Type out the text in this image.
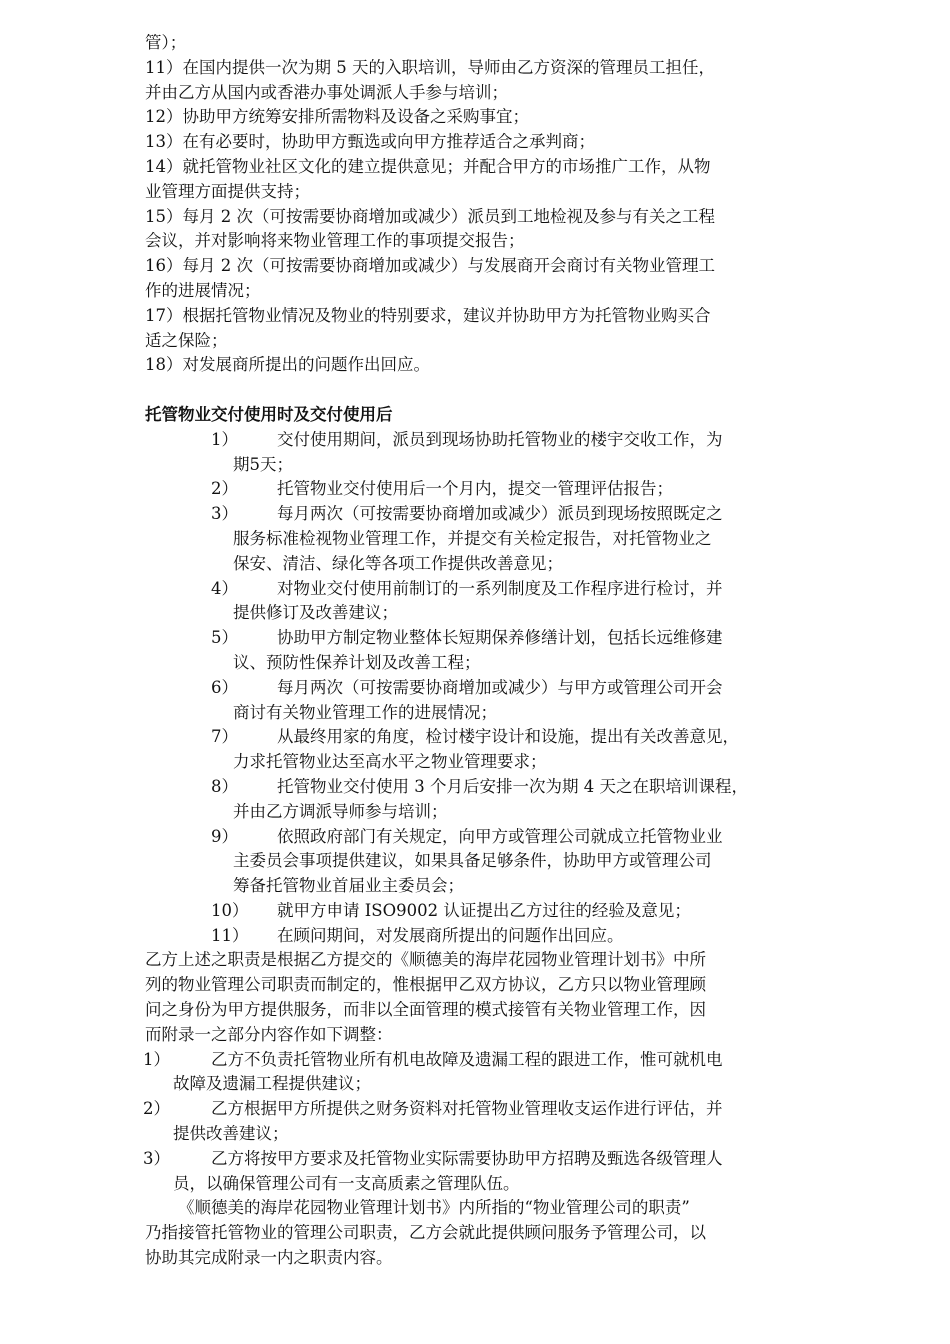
管）；
11）在国内提供一次为期 5 天的入职培训，导师由乙方资深的管理员工担任，
并由乙方从国内或香港办事处调派人手参与培训；
12）协助甲方统筹安排所需物料及设备之采购事宜；
13）在有必要时，协助甲方甄选或向甲方推荐适合之承判商；
14）就托管物业社区文化的建立提供意见；并配合甲方的市场推广工作，从物
业管理方面提供支持；
15）每月 2 次（可按需要协商增加或减少）派员到工地检视及参与有关之工程
会议，并对影响将来物业管理工作的事项提交报告；
16）每月 2 次（可按需要协商增加或减少）与发展商开会商讨有关物业管理工
作的进展情况；
17）根据托管物业情况及物业的特别要求，建议并协助甲方为托管物业购买合
适之保险；
18）对发展商所提出的问题作出回应。
托管物业交付使用时及交付使用后
1） 交付使用期间，派员到现场协助托管物业的楼宇交收工作，为
期5天；
2） 托管物业交付使用后一个月内，提交一管理评估报告；
3） 每月两次（可按需要协商增加或减少）派员到现场按照既定之
服务标准检视物业管理工作，并提交有关检定报告，对托管物业之
保安、清洁、绿化等各项工作提供改善意见；
4） 对物业交付使用前制订的一系列制度及工作程序进行检讨，并
提供修订及改善建议；
5） 协助甲方制定物业整体长短期保养修缮计划，包括长远维修建
议、预防性保养计划及改善工程；
6） 每月两次（可按需要协商增加或减少）与甲方或管理公司开会
商讨有关物业管理工作的进展情况；
7） 从最终用家的角度，检讨楼宇设计和设施，提出有关改善意见，
力求托管物业达至高水平之物业管理要求；
8） 托管物业交付使用 3 个月后安排一次为期 4 天之在职培训课程，
并由乙方调派导师参与培训；
9） 依照政府部门有关规定，向甲方或管理公司就成立托管物业业
主委员会事项提供建议，如果具备足够条件，协助甲方或管理公司
筹备托管物业首届业主委员会；
10） 就甲方申请 ISO9002 认证提出乙方过往的经验及意见；
11） 在顾问期间，对发展商所提出的问题作出回应。
乙方上述之职责是根据乙方提交的《顺德美的海岸花园物业管理计划书》中所
列的物业管理公司职责而制定的，惟根据甲乙双方协议，乙方只以物业管理顾
问之身份为甲方提供服务，而非以全面管理的模式接管有关物业管理工作，因
而附录一之部分内容作如下调整：
1） 乙方不负责托管物业所有机电故障及遗漏工程的跟进工作，惟可就机电
故障及遗漏工程提供建议；
2） 乙方根据甲方所提供之财务资料对托管物业管理收支运作进行评估，并
提供改善建议；
3） 乙方将按甲方要求及托管物业实际需要协助甲方招聘及甄选各级管理人
员，以确保管理公司有一支高质素之管理队伍。
《顺德美的海岸花园物业管理计划书》内所指的“物业管理公司的职责”
乃指接管托管物业的管理公司职责，乙方会就此提供顾问服务予管理公司，以
协助其完成附录一内之职责内容。
